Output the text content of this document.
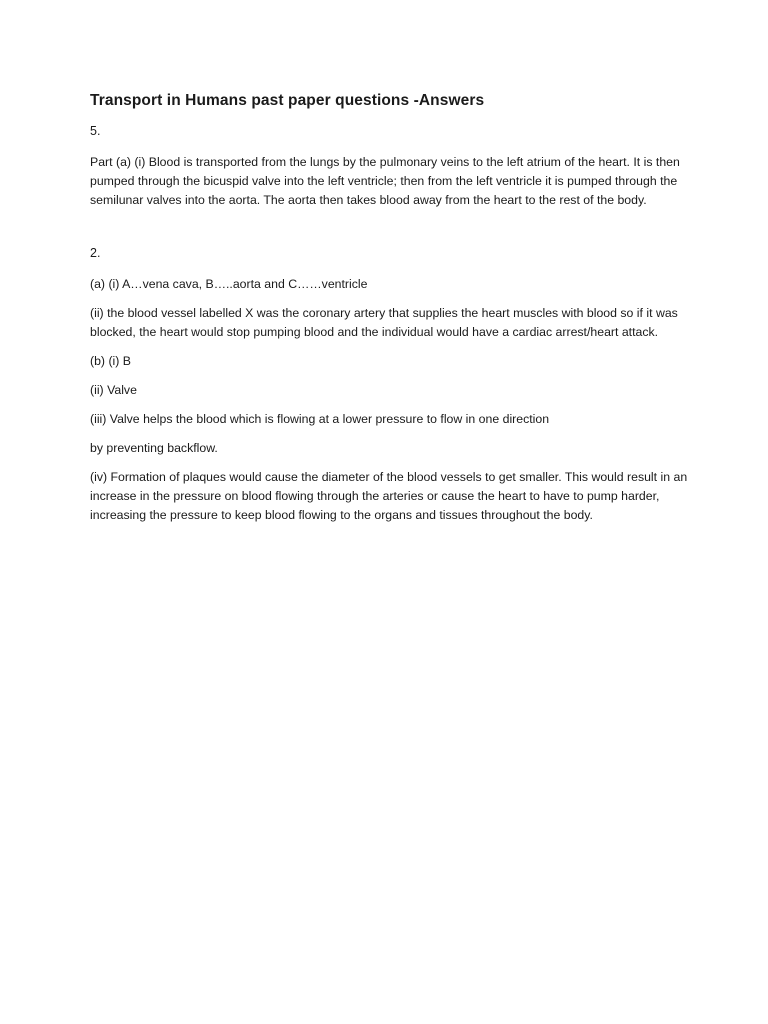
Transport in Humans past paper questions -Answers
5.

Part (a) (i) Blood is transported from the lungs by the pulmonary veins to the left atrium of the heart. It is then pumped through the bicuspid valve into the left ventricle; then from the left ventricle it is pumped through the semilunar valves into the aorta. The aorta then takes blood away from the heart to the rest of the body.

2.

(a) (i) A…vena cava, B…..aorta and C……ventricle

(ii) the blood vessel labelled X was the coronary artery that supplies the heart muscles with blood so if it was blocked, the heart would stop pumping blood and the individual would have a cardiac arrest/heart attack.

(b) (i) B

(ii) Valve

(iii) Valve helps the blood which is flowing at a lower pressure to flow in one direction

by preventing backflow.

(iv) Formation of plaques would cause the diameter of the blood vessels to get smaller. This would result in an increase in the pressure on blood flowing through the arteries or cause the heart to have to pump harder, increasing the pressure to keep blood flowing to the organs and tissues throughout the body.
